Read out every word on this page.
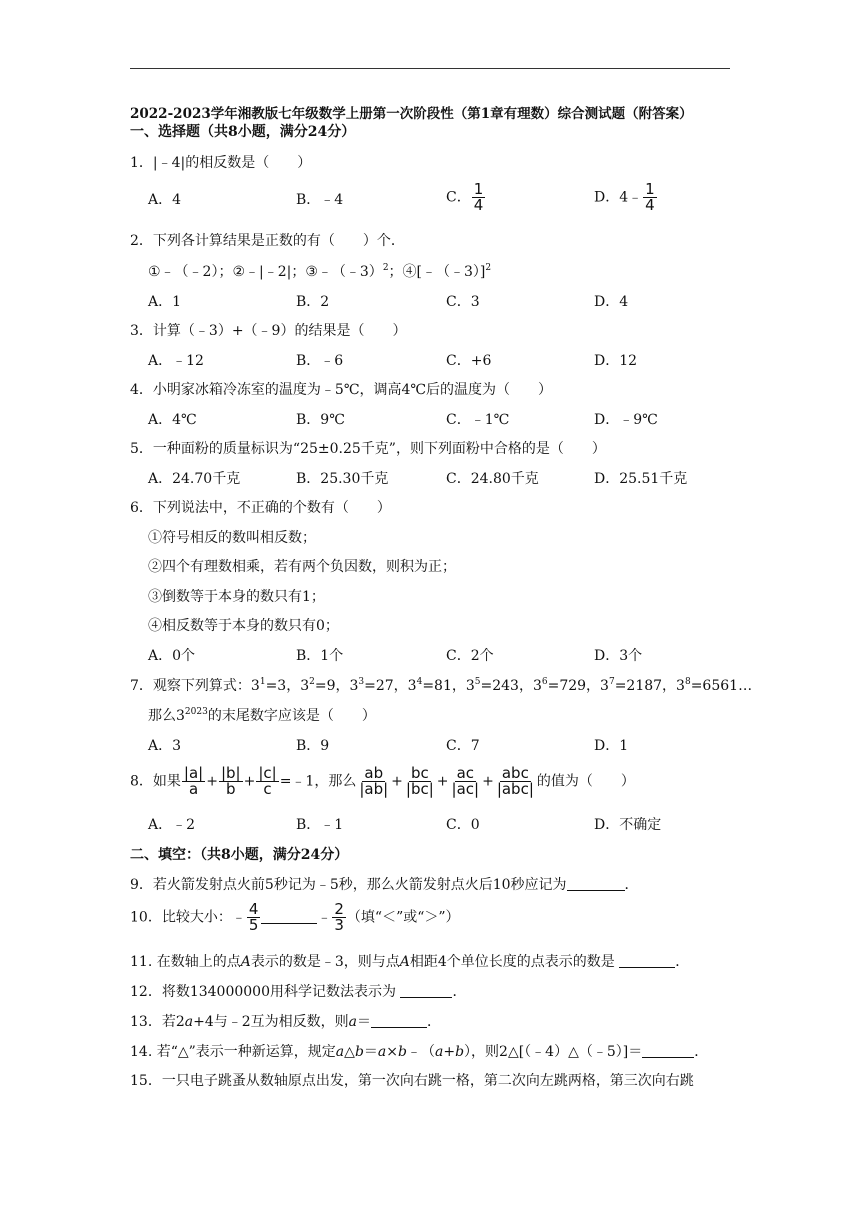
2022-2023学年湘教版七年级数学上册第一次阶段性（第1章有理数）综合测试题（附答案）
一、选择题（共8小题，满分24分）
1．|﹣4|的相反数是（　　）
A．4	B．﹣4	C． $\frac{1}{4}$	D．4﹣ $\frac{1}{4}$
2．下列各计算结果是正数的有（　　）个．
①﹣（﹣2）；②﹣|﹣2|；③﹣（﹣3）$^2$；④[﹣（﹣3）]$^2$
A．1	B．2	C．3	D．4
3．计算（﹣3）+（﹣9）的结果是（　　）
A．﹣12	B．﹣6	C．+6	D．12
4．小明家冰箱冷冻室的温度为﹣5℃，调高4℃后的温度为（　　）
A．4℃	B．9℃	C．﹣1℃	D．﹣9℃
5．一种面粉的质量标识为“25±0.25千克”，则下列面粉中合格的是（　　）
A．24.70千克	B．25.30千克	C．24.80千克	D．25.51千克
6．下列说法中，不正确的个数有（　　）
①符号相反的数叫相反数；
②四个有理数相乘，若有两个负因数，则积为正；
③倒数等于本身的数只有1；
④相反数等于本身的数只有0；
A．0个	B．1个	C．2个	D．3个
7．观察下列算式：$3^1=3$，$3^2=9$，$3^3=27$，$3^4=81$，$3^5=243$，$3^6=729$，$3^7=2187$，$3^8=6561\dots$
那么$3^{2023}$的末尾数字应该是（　　）
A．3	B．9	C．7	D．1
8．如果 $\frac{|a|}{a} + \frac{|b|}{b} + \frac{|c|}{c}$ =﹣1，那么 $\frac{ab}{|ab|} + \frac{bc}{|bc|} + \frac{ac}{|ac|} + \frac{\text{abc}}{\text{|abc|}}$ 的值为（　　）
A．﹣2	B．﹣1	C．0	D．不确定
二、填空：（共8小题，满分24分）
9．若火箭发射点火前5秒记为﹣5秒，那么火箭发射点火后10秒应记为	．
10．比较大小：﹣ $\frac{4}{5}$	﹣ $\frac{2}{3}$ （填“＜”或“＞”）
11. 在数轴上的点A表示的数是﹣3，则与点A相距4个单位长度的点表示的数是	．
12．将数134000000用科学记数法表示为	．
13．若2a+4与﹣2互为相反数，则a＝	．
14. 若“△”表示一种新运算，规定a△b＝a×b﹣（a+b），则2△[（﹣4）△（﹣5）]＝	．
15．一只电子跳蚤从数轴原点出发，第一次向右跳一格，第二次向左跳两格，第三次向右跳
